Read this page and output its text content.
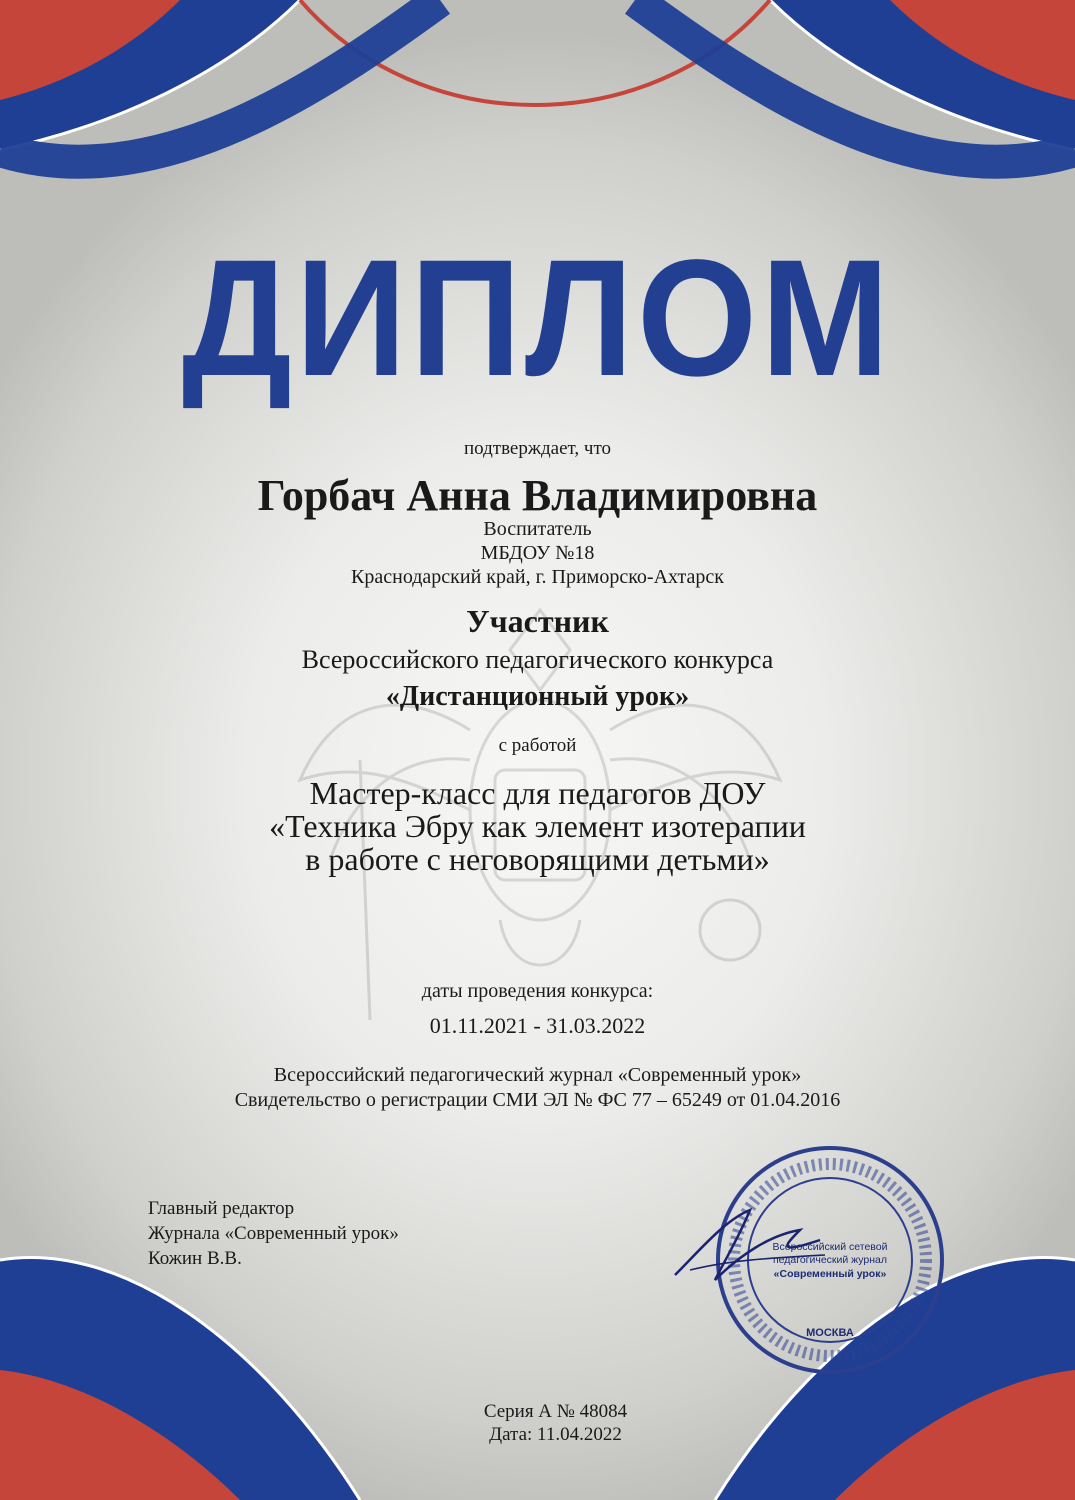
ДИПЛОМ

подтверждает, что

Горбач Анна Владимировна

Воспитатель

МБДОУ №18

Краснодарский край, г. Приморско-Ахтарск

Участник

Всероссийского педагогического конкурса

«Дистанционный урок»

с работой

Мастер-класс для педагогов ДОУ
«Техника Эбру как элемент изотерапии
в работе с неговорящими детьми»

даты проведения конкурса:

01.11.2021 - 31.03.2022

Всероссийский педагогический журнал «Современный урок»
Свидетельство о регистрации СМИ ЭЛ № ФС 77 – 65249 от 01.04.2016
Главный редактор
Журнала «Современный урок»
Кожин В.В.
Всероссийский сетевой
педагогический журнал
«Современный урок»
МОСКВА
Серия А № 48084
Дата: 11.04.2022
